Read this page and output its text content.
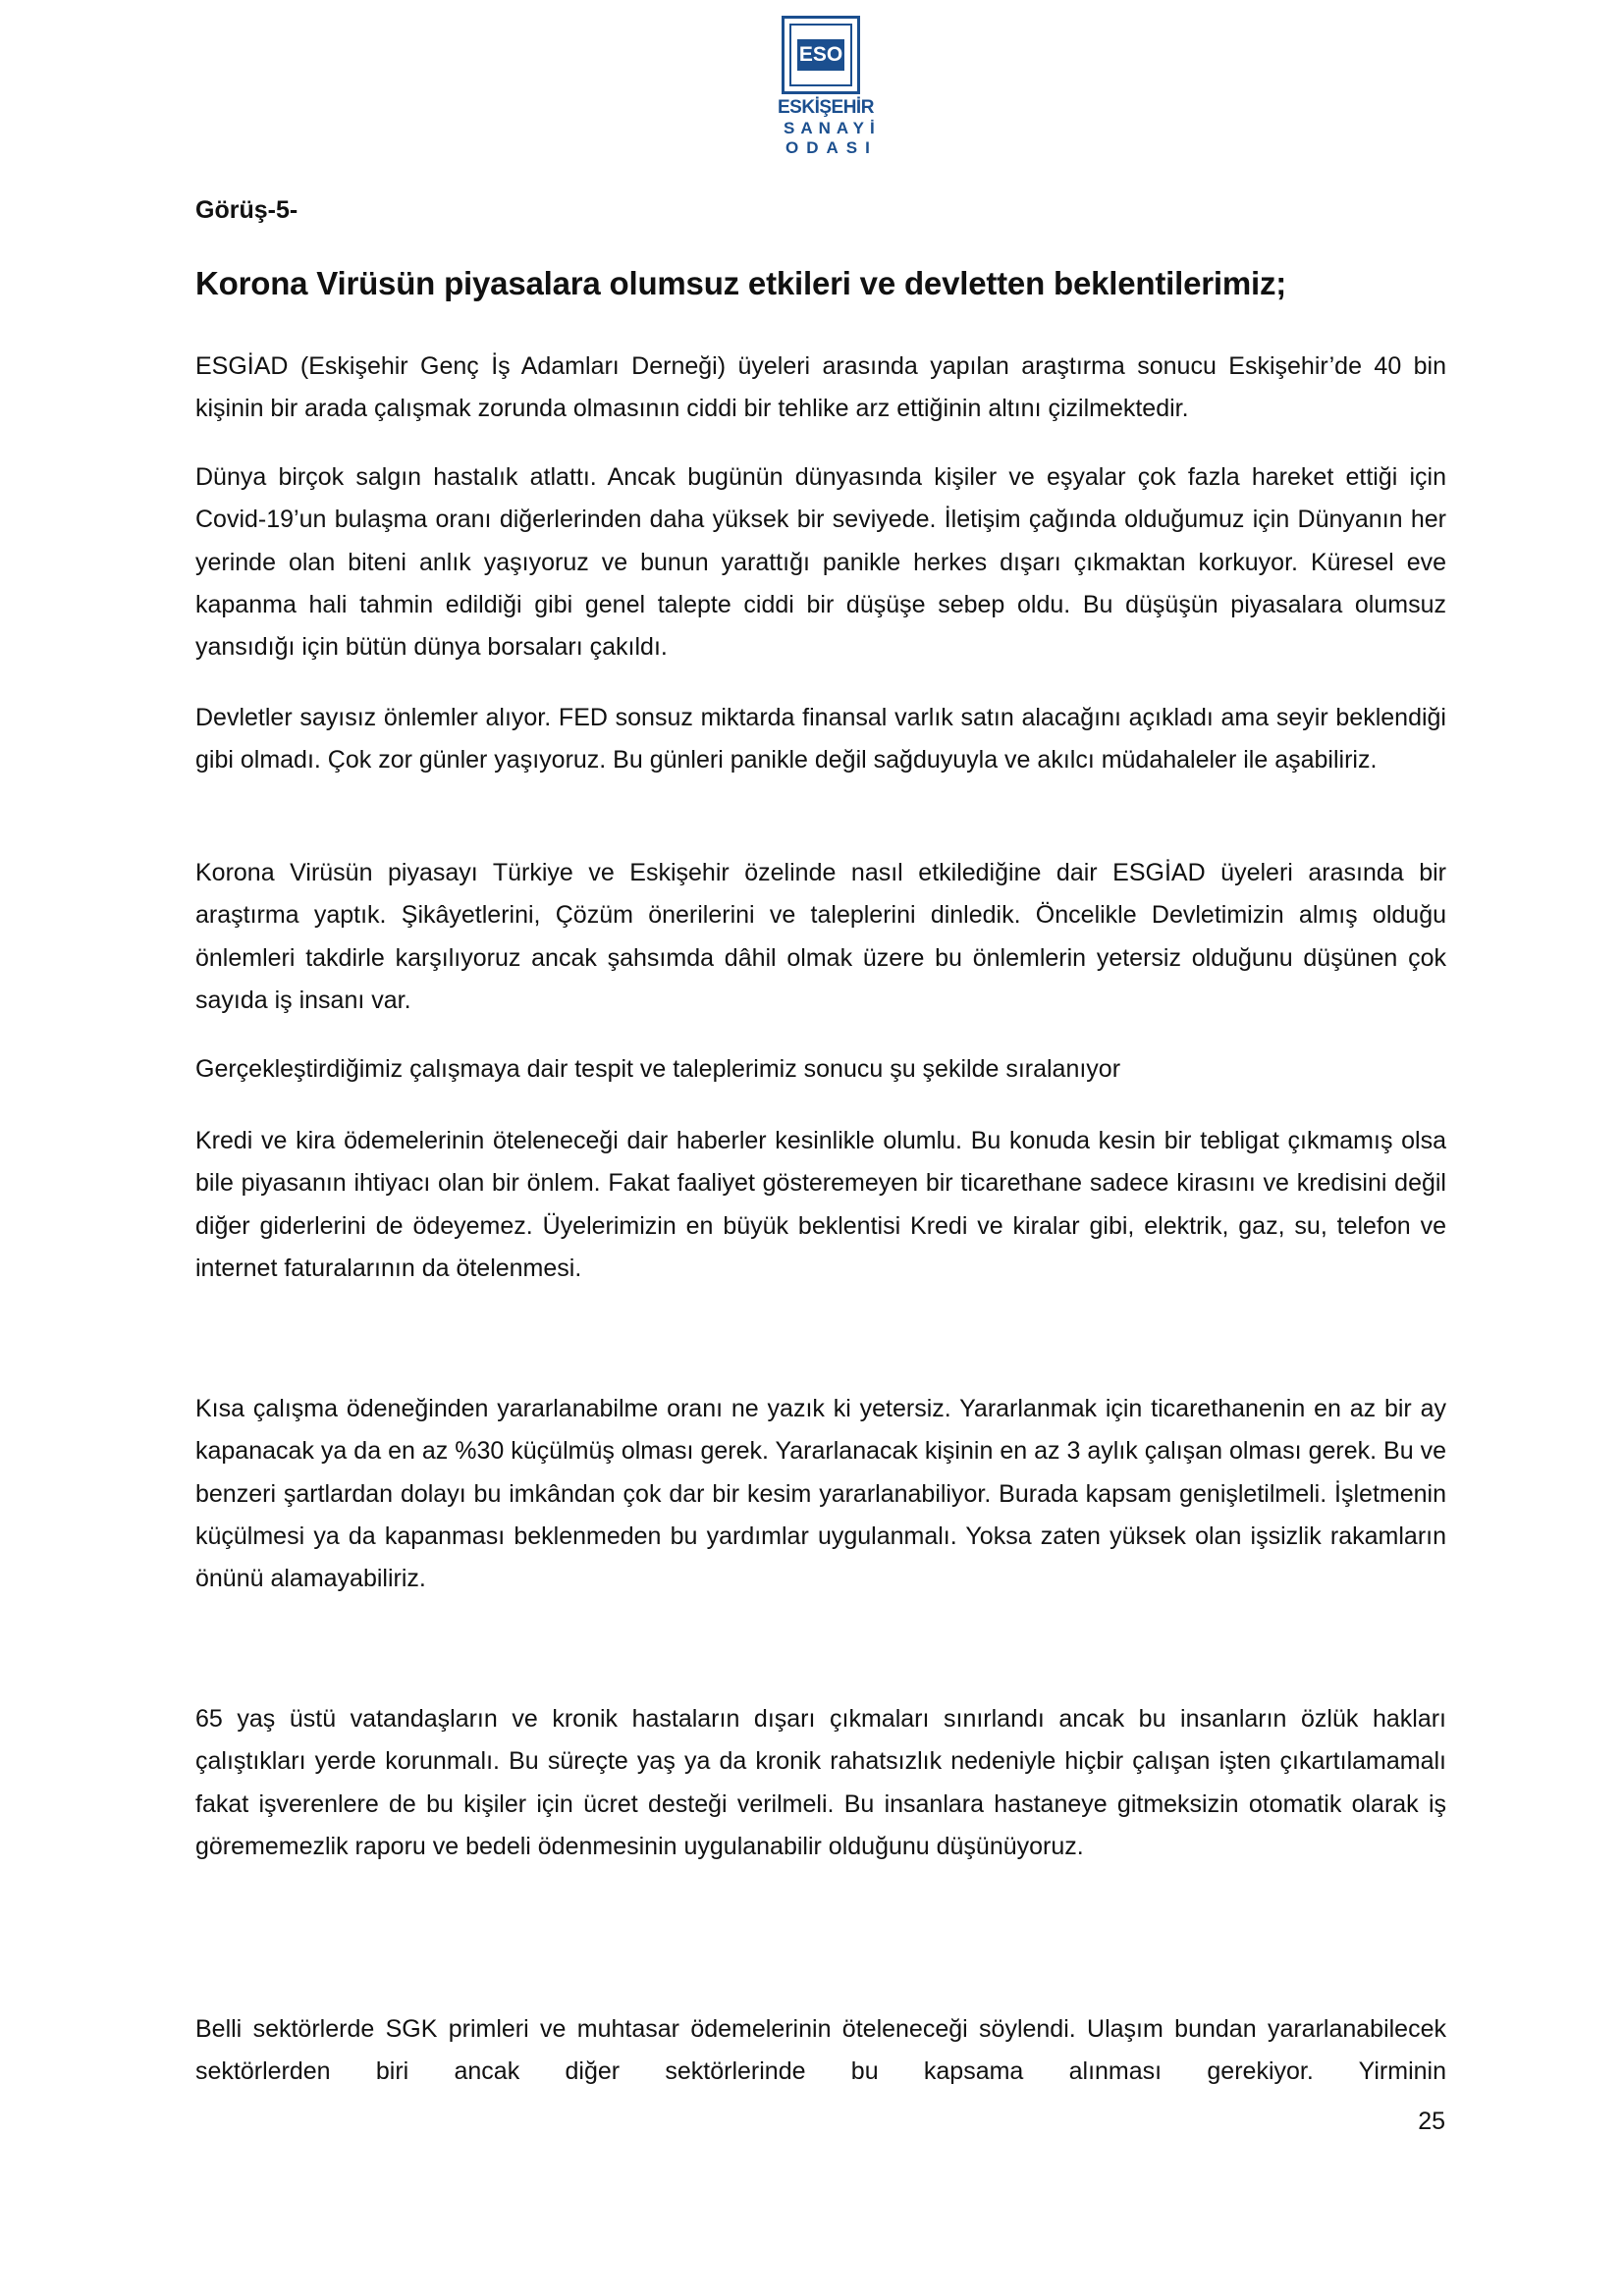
ESO
ESKİŞEHİR
SANAYİ
ODASI

Görüş-5-

Korona Virüsün piyasalara olumsuz etkileri ve devletten beklentilerimiz;

ESGİAD (Eskişehir Genç İş Adamları Derneği) üyeleri arasında yapılan araştırma sonucu Eskişehir’de 40 bin kişinin bir arada çalışmak zorunda olmasının ciddi bir tehlike arz ettiğinin altını çizilmektedir.

Dünya birçok salgın hastalık atlattı. Ancak bugünün dünyasında kişiler ve eşyalar çok fazla hareket ettiği için Covid-19’un bulaşma oranı diğerlerinden daha yüksek bir seviyede. İletişim çağında olduğumuz için Dünyanın her yerinde olan biteni anlık yaşıyoruz ve bunun yarattığı panikle herkes dışarı çıkmaktan korkuyor. Küresel eve kapanma hali tahmin edildiği gibi genel talepte ciddi bir düşüşe sebep oldu. Bu düşüşün piyasalara olumsuz yansıdığı için bütün dünya borsaları çakıldı.

Devletler sayısız önlemler alıyor. FED sonsuz miktarda finansal varlık satın alacağını açıkladı ama seyir beklendiği gibi olmadı. Çok zor günler yaşıyoruz. Bu günleri panikle değil sağduyuyla ve akılcı müdahaleler ile aşabiliriz.

Korona Virüsün piyasayı Türkiye ve Eskişehir özelinde nasıl etkilediğine dair ESGİAD üyeleri arasında bir araştırma yaptık. Şikâyetlerini, Çözüm önerilerini ve taleplerini dinledik. Öncelikle Devletimizin almış olduğu önlemleri takdirle karşılıyoruz ancak şahsımda dâhil olmak üzere bu önlemlerin yetersiz olduğunu düşünen çok sayıda iş insanı var.

Gerçekleştirdiğimiz çalışmaya dair tespit ve taleplerimiz sonucu şu şekilde sıralanıyor

Kredi ve kira ödemelerinin öteleneceği dair haberler kesinlikle olumlu. Bu konuda kesin bir tebligat çıkmamış olsa bile piyasanın ihtiyacı olan bir önlem. Fakat faaliyet gösteremeyen bir ticarethane sadece kirasını ve kredisini değil diğer giderlerini de ödeyemez. Üyelerimizin en büyük beklentisi Kredi ve kiralar gibi, elektrik, gaz, su, telefon ve internet faturalarının da ötelenmesi.

Kısa çalışma ödeneğinden yararlanabilme oranı ne yazık ki yetersiz. Yararlanmak için ticarethanenin en az bir ay kapanacak ya da en az %30 küçülmüş olması gerek. Yararlanacak kişinin en az 3 aylık çalışan olması gerek. Bu ve benzeri şartlardan dolayı bu imkândan çok dar bir kesim yararlanabiliyor. Burada kapsam genişletilmeli. İşletmenin küçülmesi ya da kapanması beklenmeden bu yardımlar uygulanmalı. Yoksa zaten yüksek olan işsizlik rakamların önünü alamayabiliriz.

65 yaş üstü vatandaşların ve kronik hastaların dışarı çıkmaları sınırlandı ancak bu insanların özlük hakları çalıştıkları yerde korunmalı. Bu süreçte yaş ya da kronik rahatsızlık nedeniyle hiçbir çalışan işten çıkartılamamalı fakat işverenlere de bu kişiler için ücret desteği verilmeli. Bu insanlara hastaneye gitmeksizin otomatik olarak iş görememezlik raporu ve bedeli ödenmesinin uygulanabilir olduğunu düşünüyoruz.

Belli sektörlerde SGK primleri ve muhtasar ödemelerinin öteleneceği söylendi. Ulaşım bundan yararlanabilecek sektörlerden biri ancak diğer sektörlerinde bu kapsama alınması gerekiyor. Yirminin

25
